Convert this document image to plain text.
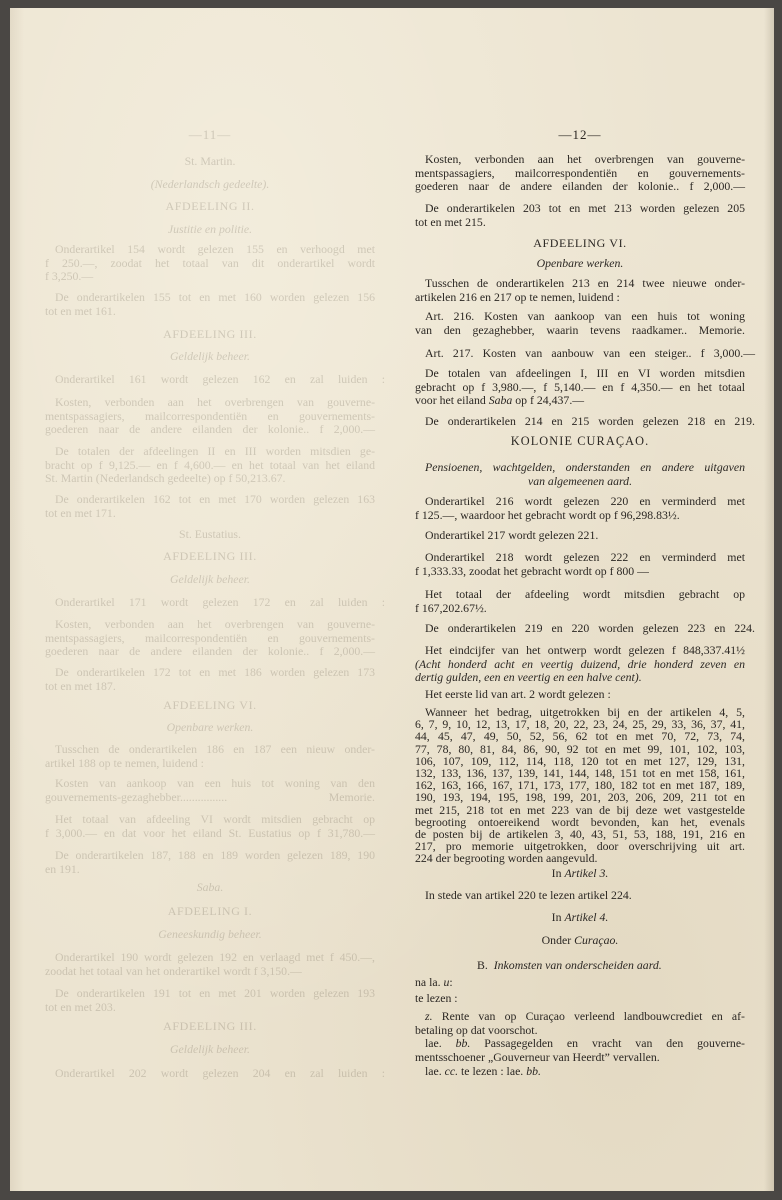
—11—
St. Martin.
(Nederlandsch gedeelte).
AFDEELING II.
Justitie en politie.
Onderartikel 154 wordt gelezen 155 en verhoogd met
f 250.—, zoodat het totaal van dit onderartikel wordt
f 3,250.—
De onderartikelen 155 tot en met 160 worden gelezen 156
tot en met 161.
AFDEELING III.
Geldelijk beheer.
Onderartikel 161 wordt gelezen 162 en zal luiden :
Kosten, verbonden aan het overbrengen van gouverne-
mentspassagiers, mailcorrespondentiën en gouvernements-
goederen naar de andere eilanden der kolonie.. f 2,000.—
De totalen der afdeelingen II en III worden mitsdien ge-
bracht op f 9,125.— en f 4,600.— en het totaal van het eiland
St. Martin (Nederlandsch gedeelte) op f 50,213.67.
De onderartikelen 162 tot en met 170 worden gelezen 163
tot en met 171.
St. Eustatius.
AFDEELING III.
Geldelijk beheer.
Onderartikel 171 wordt gelezen 172 en zal luiden :
Kosten, verbonden aan het overbrengen van gouverne-
mentspassagiers, mailcorrespondentiën en gouvernements-
goederen naar de andere eilanden der kolonie.. f 2,000.—
De onderartikelen 172 tot en met 186 worden gelezen 173
tot en met 187.
AFDEELING VI.
Openbare werken.
Tusschen de onderartikelen 186 en 187 een nieuw onder-
artikel 188 op te nemen, luidend :
Kosten van aankoop van een huis tot woning van den
gouvernements-gezaghebber................ Memorie.
Het totaal van afdeeling VI wordt mitsdien gebracht op
f 3,000.— en dat voor het eiland St. Eustatius op f 31,780.—
De onderartikelen 187, 188 en 189 worden gelezen 189, 190
en 191.
Saba.
AFDEELING I.
Geneeskundig beheer.
Onderartikel 190 wordt gelezen 192 en verlaagd met f 450.—,
zoodat het totaal van het onderartikel wordt f 3,150.—
De onderartikelen 191 tot en met 201 worden gelezen 193
tot en met 203.
AFDEELING III.
Geldelijk beheer.
Onderartikel 202 wordt gelezen 204 en zal luiden :
—12—
Kosten, verbonden aan het overbrengen van gouverne-
mentspassagiers, mailcorrespondentiën en gouvernements-
goederen naar de andere eilanden der kolonie.. f 2,000.—
De onderartikelen 203 tot en met 213 worden gelezen 205
tot en met 215.
AFDEELING VI.
Openbare werken.
Tusschen de onderartikelen 213 en 214 twee nieuwe onder-
artikelen 216 en 217 op te nemen, luidend :
Art. 216. Kosten van aankoop van een huis tot woning
van den gezaghebber, waarin tevens raadkamer.. Memorie.
Art. 217. Kosten van aanbouw van een steiger.. f 3,000.—
De totalen van afdeelingen I, III en VI worden mitsdien
gebracht op f 3,980.—, f 5,140.— en f 4,350.— en het totaal
voor het eiland Saba op f 24,437.—
De onderartikelen 214 en 215 worden gelezen 218 en 219.
KOLONIE CURAÇAO.
Pensioenen, wachtgelden, onderstanden en andere uitgaven
van algemeenen aard.
Onderartikel 216 wordt gelezen 220 en verminderd met
f 125.—, waardoor het gebracht wordt op f 96,298.83½.
Onderartikel 217 wordt gelezen 221.
Onderartikel 218 wordt gelezen 222 en verminderd met
f 1,333.33, zoodat het gebracht wordt op f 800 —
Het totaal der afdeeling wordt mitsdien gebracht op
f 167,202.67½.
De onderartikelen 219 en 220 worden gelezen 223 en 224.
Het eindcijfer van het ontwerp wordt gelezen f 848,337.41½
(Acht honderd acht en veertig duizend, drie honderd zeven en
dertig gulden, een en veertig en een halve cent).
Het eerste lid van art. 2 wordt gelezen :
Wanneer het bedrag, uitgetrokken bij en der artikelen 4, 5,
6, 7, 9, 10, 12, 13, 17, 18, 20, 22, 23, 24, 25, 29, 33, 36, 37, 41,
44, 45, 47, 49, 50, 52, 56, 62 tot en met 70, 72, 73, 74,
77, 78, 80, 81, 84, 86, 90, 92 tot en met 99, 101, 102, 103,
106, 107, 109, 112, 114, 118, 120 tot en met 127, 129, 131,
132, 133, 136, 137, 139, 141, 144, 148, 151 tot en met 158, 161,
162, 163, 166, 167, 171, 173, 177, 180, 182 tot en met 187, 189,
190, 193, 194, 195, 198, 199, 201, 203, 206, 209, 211 tot en
met 215, 218 tot en met 223 van de bij deze wet vastgestelde
begrooting ontoereikend wordt bevonden, kan het, evenals
de posten bij de artikelen 3, 40, 43, 51, 53, 188, 191, 216 en
217, pro memorie uitgetrokken, door overschrijving uit art.
224 der begrooting worden aangevuld.
In Artikel 3.
In stede van artikel 220 te lezen artikel 224.
In Artikel 4.
Onder Curaçao.
B. Inkomsten van onderscheiden aard.
na la. u:
te lezen :
z. Rente van op Curaçao verleend landbouwcrediet en af-
betaling op dat voorschot.
lae. bb. Passagegelden en vracht van den gouverne-
mentsschoener „Gouverneur van Heerdt” vervallen.
lae. cc. te lezen : lae. bb.
